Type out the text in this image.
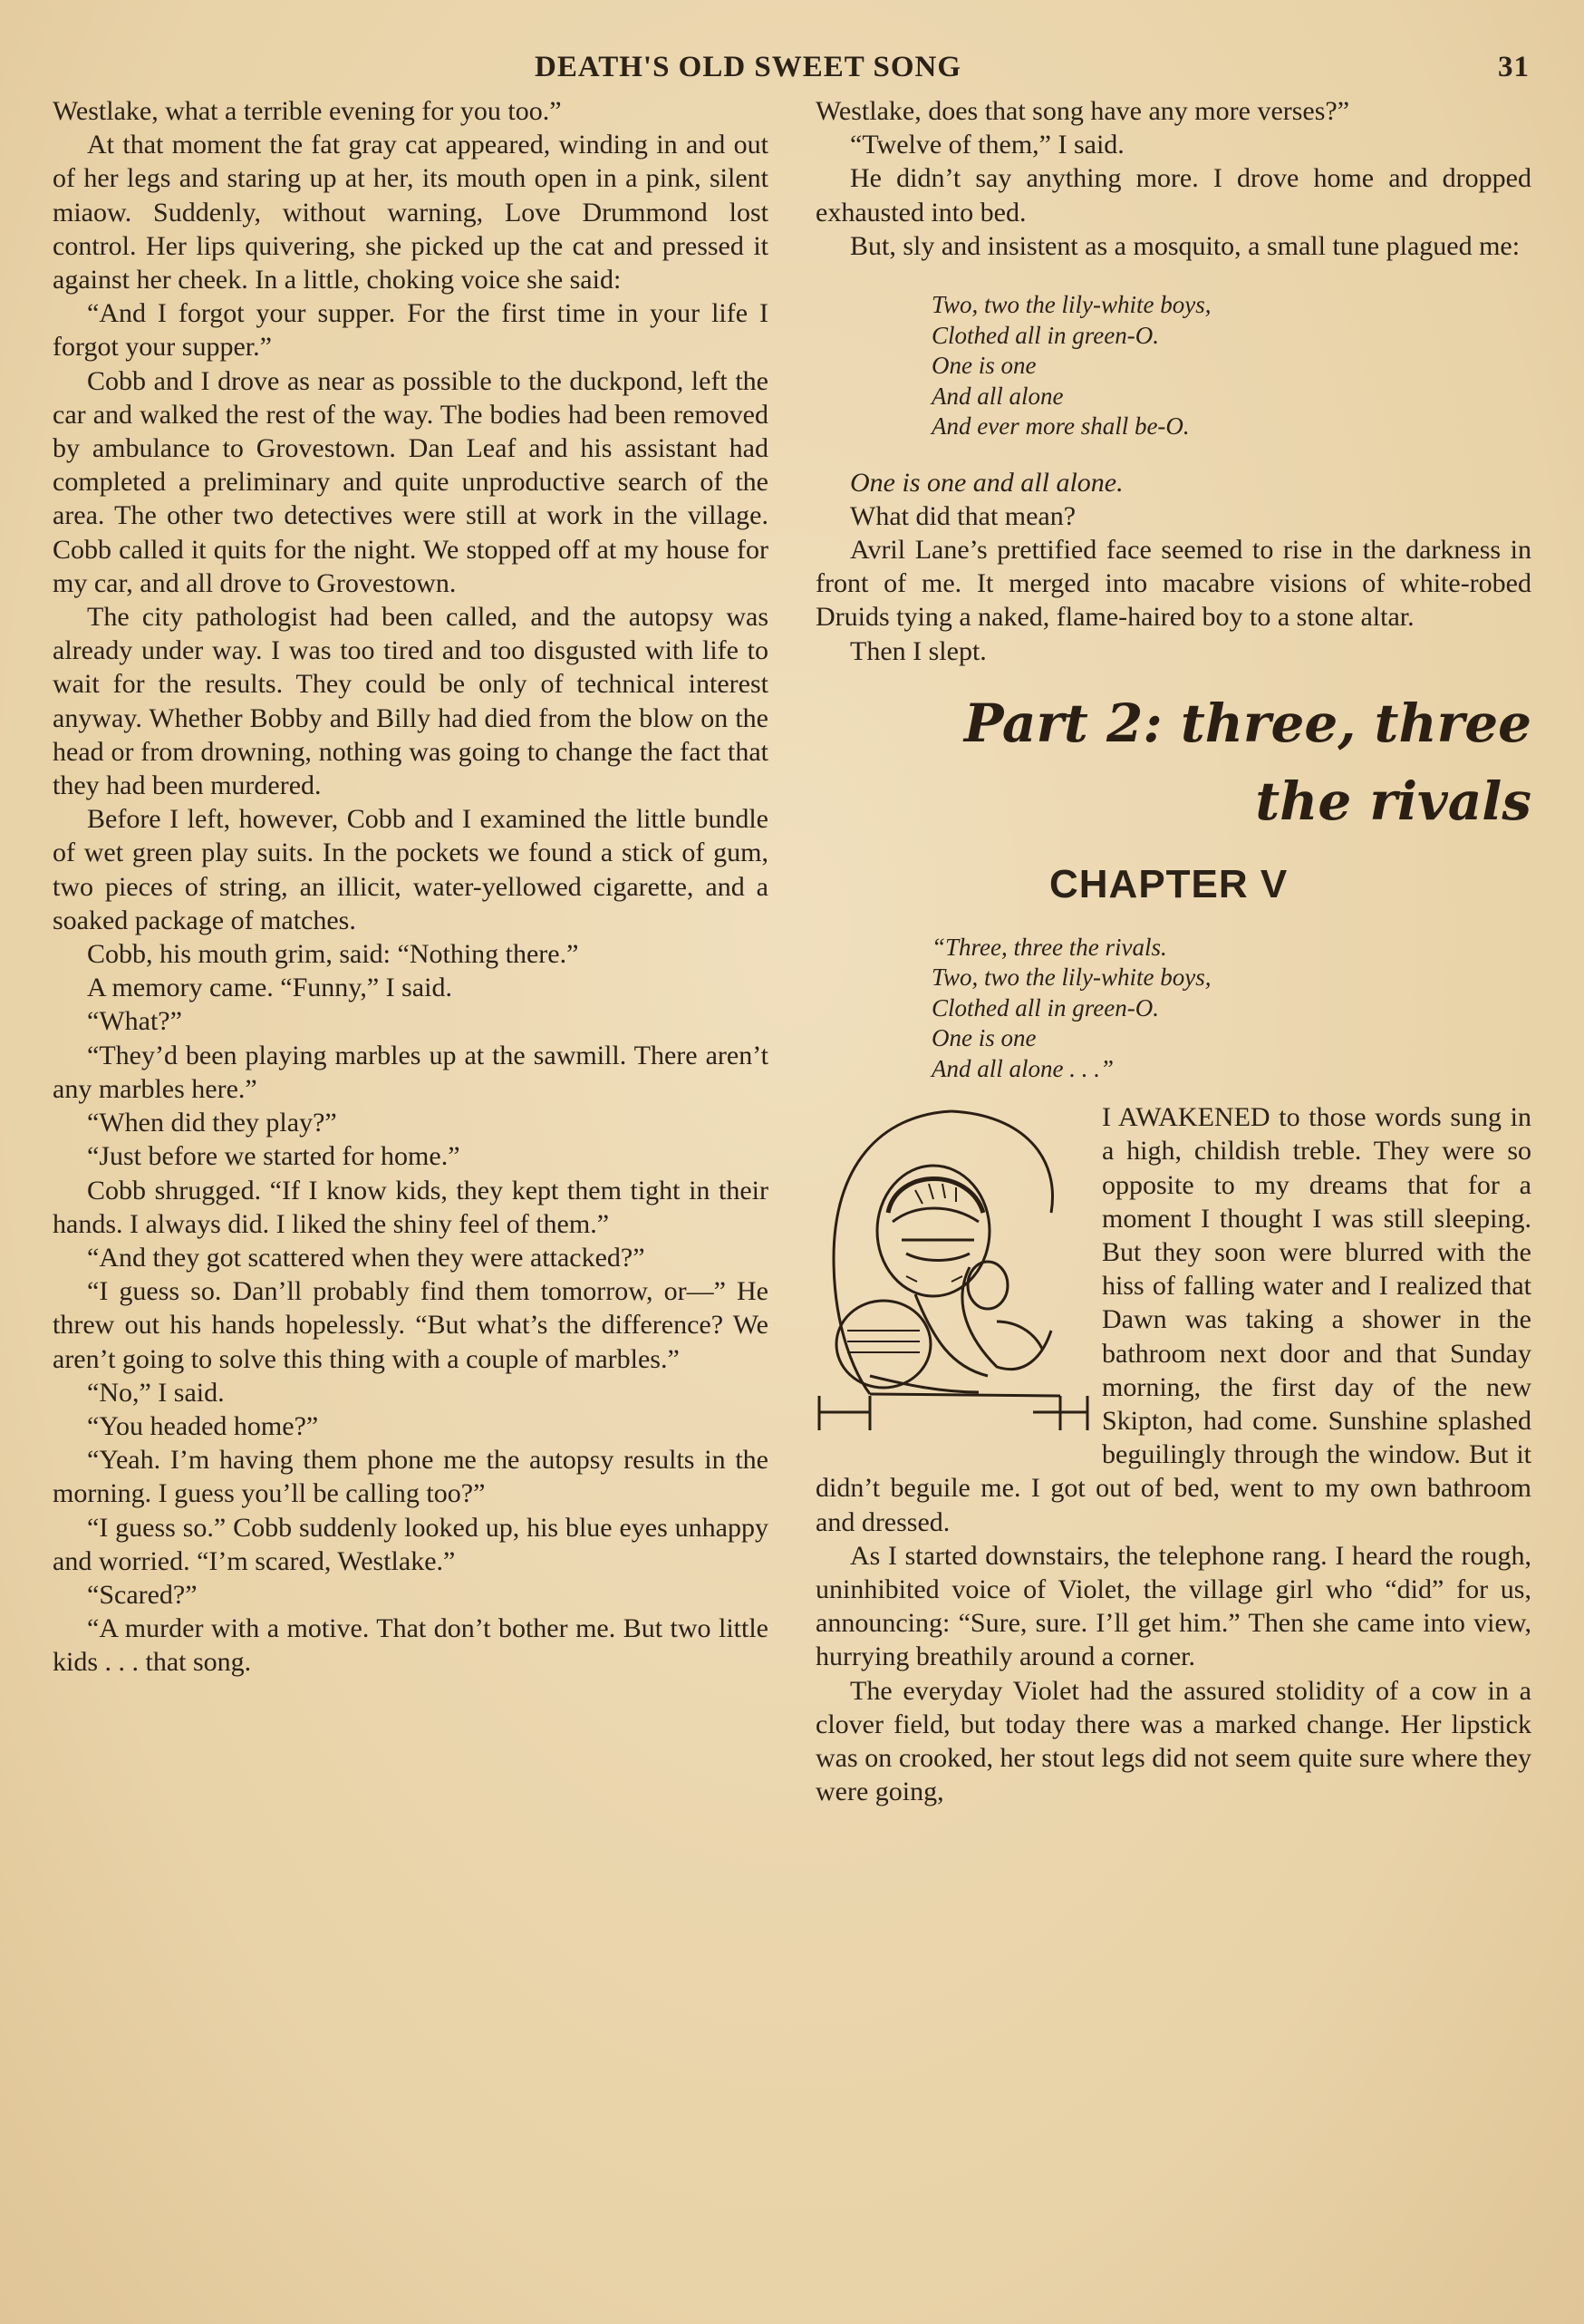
DEATH'S OLD SWEET SONG	31

Westlake, what a terrible evening for you too.”

At that moment the fat gray cat appeared, winding in and out of her legs and staring up at her, its mouth open in a pink, silent miaow. Suddenly, without warning, Love Drummond lost control. Her lips quivering, she picked up the cat and pressed it against her cheek. In a little, choking voice she said:

“And I forgot your supper. For the first time in your life I forgot your supper.”

Cobb and I drove as near as possible to the duckpond, left the car and walked the rest of the way. The bodies had been removed by ambulance to Grovestown. Dan Leaf and his assistant had completed a preliminary and quite unproductive search of the area. The other two detectives were still at work in the village. Cobb called it quits for the night. We stopped off at my house for my car, and all drove to Grovestown.

The city pathologist had been called, and the autopsy was already under way. I was too tired and too disgusted with life to wait for the results. They could be only of technical interest anyway. Whether Bobby and Billy had died from the blow on the head or from drowning, nothing was going to change the fact that they had been murdered.

Before I left, however, Cobb and I examined the little bundle of wet green play suits. In the pockets we found a stick of gum, two pieces of string, an illicit, water-yellowed cigarette, and a soaked package of matches.

Cobb, his mouth grim, said: “Nothing there.”

A memory came. “Funny,” I said.

“What?”

“They’d been playing marbles up at the sawmill. There aren’t any marbles here.”

“When did they play?”

“Just before we started for home.”

Cobb shrugged. “If I know kids, they kept them tight in their hands. I always did. I liked the shiny feel of them.”

“And they got scattered when they were attacked?”

“I guess so. Dan’ll probably find them tomorrow, or—” He threw out his hands hopelessly. “But what’s the difference? We aren’t going to solve this thing with a couple of marbles.”

“No,” I said.

“You headed home?”

“Yeah. I’m having them phone me the autopsy results in the morning. I guess you’ll be calling too?”

“I guess so.” Cobb suddenly looked up, his blue eyes unhappy and worried. “I’m scared, Westlake.”

“Scared?”

“A murder with a motive. That don’t bother me. But two little kids . . . that song.

Westlake, does that song have any more verses?”

“Twelve of them,” I said.

He didn’t say anything more. I drove home and dropped exhausted into bed.

But, sly and insistent as a mosquito, a small tune plagued me:

Two, two the lily-white boys,
Clothed all in green-O.
One is one
And all alone
And ever more shall be-O.

One is one and all alone.

What did that mean?

Avril Lane’s prettified face seemed to rise in the darkness in front of me. It merged into macabre visions of white-robed Druids tying a naked, flame-haired boy to a stone altar.

Then I slept.

Part 2: three, three
the rivals
CHAPTER V
“Three, three the rivals.
Two, two the lily-white boys,
Clothed all in green-O.
One is one
And all alone . . .”

I AWAKENED to those words sung in a high, childish treble. They were so opposite to my dreams that for a moment I thought I was still sleeping. But they soon were blurred with the hiss of falling water and I realized that Dawn was taking a shower in the bathroom next door and that Sunday morning, the first day of the new Skipton, had come. Sunshine splashed beguilingly through the window. But it didn’t beguile me. I got out of bed, went to my own bathroom and dressed.

As I started downstairs, the telephone rang. I heard the rough, uninhibited voice of Violet, the village girl who “did” for us, announcing: “Sure, sure. I’ll get him.” Then she came into view, hurrying breathily around a corner.

The everyday Violet had the assured stolidity of a cow in a clover field, but today there was a marked change. Her lipstick was on crooked, her stout legs did not seem quite sure where they were going,
